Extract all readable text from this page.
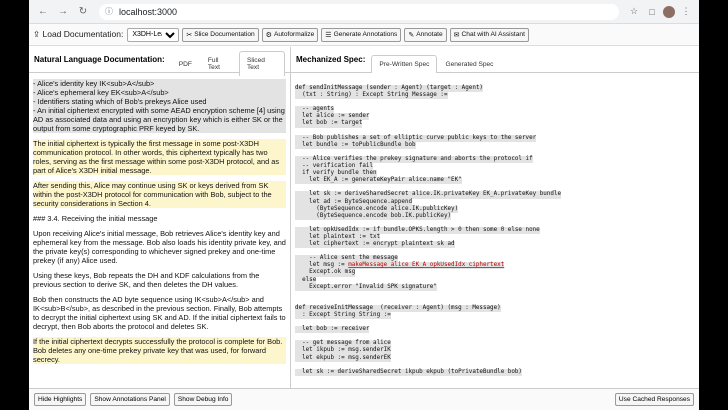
←	→	↻	ⓘ localhost:3000	☆	□	⋮
⇪ Load Documentation:
X3DH-Lean	✂ Slice Documentation ⚙ Autoformalize ☰ Generate Annotations ✎ Annotate ✉ Chat with AI Assistant
Natural Language Documentation:	PDF	Full Text
Sliced Text
- Alice's identity key IK<sub>A</sub>
- Alice's ephemeral key EK<sub>A</sub>
- Identifiers stating which of Bob's prekeys Alice used

- An initial ciphertext encrypted with some AEAD encryption scheme [4] using AD as associated data and using an encryption key which is either SK or the output from some cryptographic PRF keyed by SK.

The initial ciphertext is typically the first message in some post-X3DH communication protocol. In other words, this ciphertext typically has two roles, serving as the first message within some post-X3DH protocol, and as part of Alice's X3DH initial message.

After sending this, Alice may continue using SK or keys derived from SK within the post-X3DH protocol for communication with Bob, subject to the security considerations in Section 4.

### 3.4. Receiving the initial message

Upon receiving Alice's initial message, Bob retrieves Alice's identity key and ephemeral key from the message. Bob also loads his identity private key, and the private key(s) corresponding to whichever signed prekey and one-time prekey (if any) Alice used.

Using these keys, Bob repeats the DH and KDF calculations from the previous section to derive SK, and then deletes the DH values.

Bob then constructs the AD byte sequence using IK<sub>A</sub> and IK<sub>B</sub>, as described in the previous section. Finally, Bob attempts to decrypt the initial ciphertext using SK and AD. If the initial ciphertext fails to decrypt, then Bob aborts the protocol and deletes SK.

If the initial ciphertext decrypts successfully the protocol is complete for Bob. Bob deletes any one-time prekey private key that was used, for forward secrecy.

Mechanized Spec:	Pre-Written Spec	Generated Spec
def sendInitMessage (sender : Agent) (target : Agent)
(txt : String) : Except String Message :=

-- agents
let alice := sender
let bob := target

-- Bob publishes a set of elliptic curve public keys to the server
let bundle := toPublicBundle bob

-- Alice verifies the prekey signature and aborts the protocol if
-- verification fail
if verify bundle then
let EK_A := generateKeyPair alice.name "EK"

let sk := deriveSharedSecret alice.IK.privateKey EK_A.privateKey bundle
let ad := ByteSequence.append
(ByteSequence.encode alice.IK.publicKey)
(ByteSequence.encode bob.IK.publicKey)

let opkUsedIdx := if bundle.OPKS.length > 0 then some 0 else none
let plaintext := txt
let ciphertext := encrypt plaintext sk ad

-- Alice sent the message
let msg := makeMessage alice EK_A opkUsedIdx ciphertext
Except.ok msg
else
Except.error "Invalid SPK signature"

def receiveInitMessage  (receiver : Agent) (msg : Message)
: Except String String :=

let bob := receiver

-- get message from alice
let ikpub := msg.senderIK
let ekpub := msg.senderEK

let sk := deriveSharedSecret ikpub ekpub (toPrivateBundle bob)
Hide Highlights	Show Annotations Panel	Show Debug Info	Use Cached Responses
